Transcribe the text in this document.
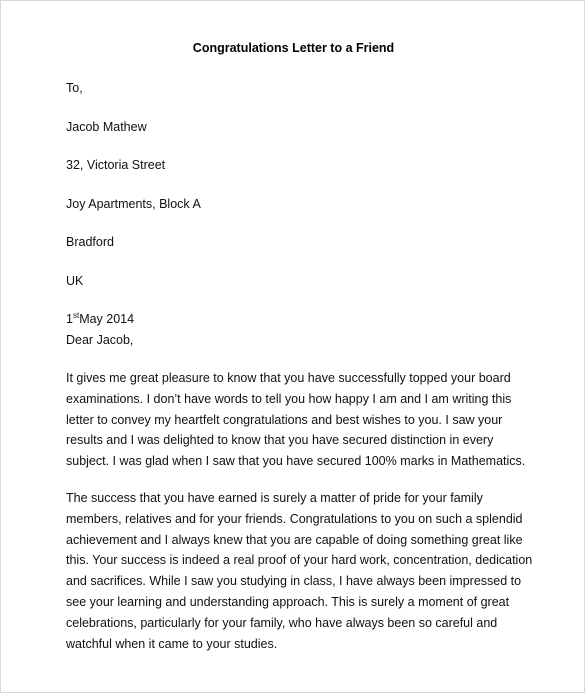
Congratulations Letter to a Friend
To,
Jacob Mathew
32, Victoria Street
Joy Apartments, Block A
Bradford
UK
1stMay 2014
Dear Jacob,
It gives me great pleasure to know that you have successfully topped your board
examinations. I don’t have words to tell you how happy I am and I am writing this
letter to convey my heartfelt congratulations and best wishes to you. I saw your
results and I was delighted to know that you have secured distinction in every
subject. I was glad when I saw that you have secured 100% marks in Mathematics.
The success that you have earned is surely a matter of pride for your family
members, relatives and for your friends. Congratulations to you on such a splendid
achievement and I always knew that you are capable of doing something great like
this. Your success is indeed a real proof of your hard work, concentration, dedication
and sacrifices. While I saw you studying in class, I have always been impressed to
see your learning and understanding approach. This is surely a moment of great
celebrations, particularly for your family, who have always been so careful and
watchful when it came to your studies.
